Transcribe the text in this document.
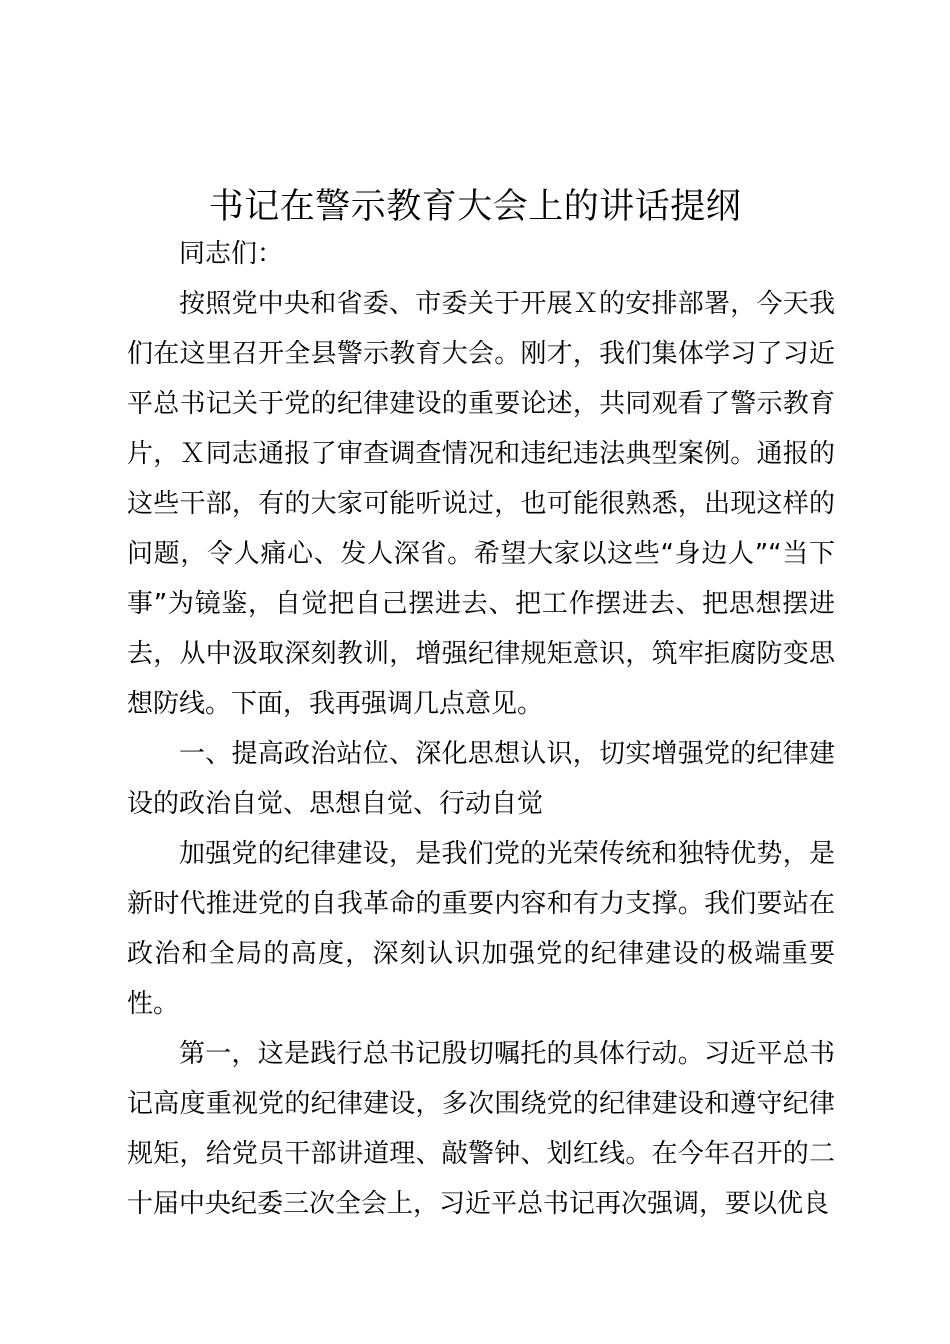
书记在警示教育大会上的讲话提纲

同志们：

按照党中央和省委、市委关于开展Ｘ的安排部署，今天我们在这里召开全县警示教育大会。刚才，我们集体学习了习近平总书记关于党的纪律建设的重要论述，共同观看了警示教育片，Ｘ同志通报了审查调查情况和违纪违法典型案例。通报的这些干部，有的大家可能听说过，也可能很熟悉，出现这样的问题，令人痛心、发人深省。希望大家以这些“身边人”“当下事”为镜鉴，自觉把自己摆进去、把工作摆进去、把思想摆进去，从中汲取深刻教训，增强纪律规矩意识，筑牢拒腐防变思想防线。下面，我再强调几点意见。

一、提高政治站位、深化思想认识，切实增强党的纪律建设的政治自觉、思想自觉、行动自觉

加强党的纪律建设，是我们党的光荣传统和独特优势，是新时代推进党的自我革命的重要内容和有力支撑。我们要站在政治和全局的高度，深刻认识加强党的纪律建设的极端重要性。

第一，这是践行总书记殷切嘱托的具体行动。习近平总书记高度重视党的纪律建设，多次围绕党的纪律建设和遵守纪律规矩，给党员干部讲道理、敲警钟、划红线。在今年召开的二十届中央纪委三次全会上，习近平总书记再次强调，要以优良
